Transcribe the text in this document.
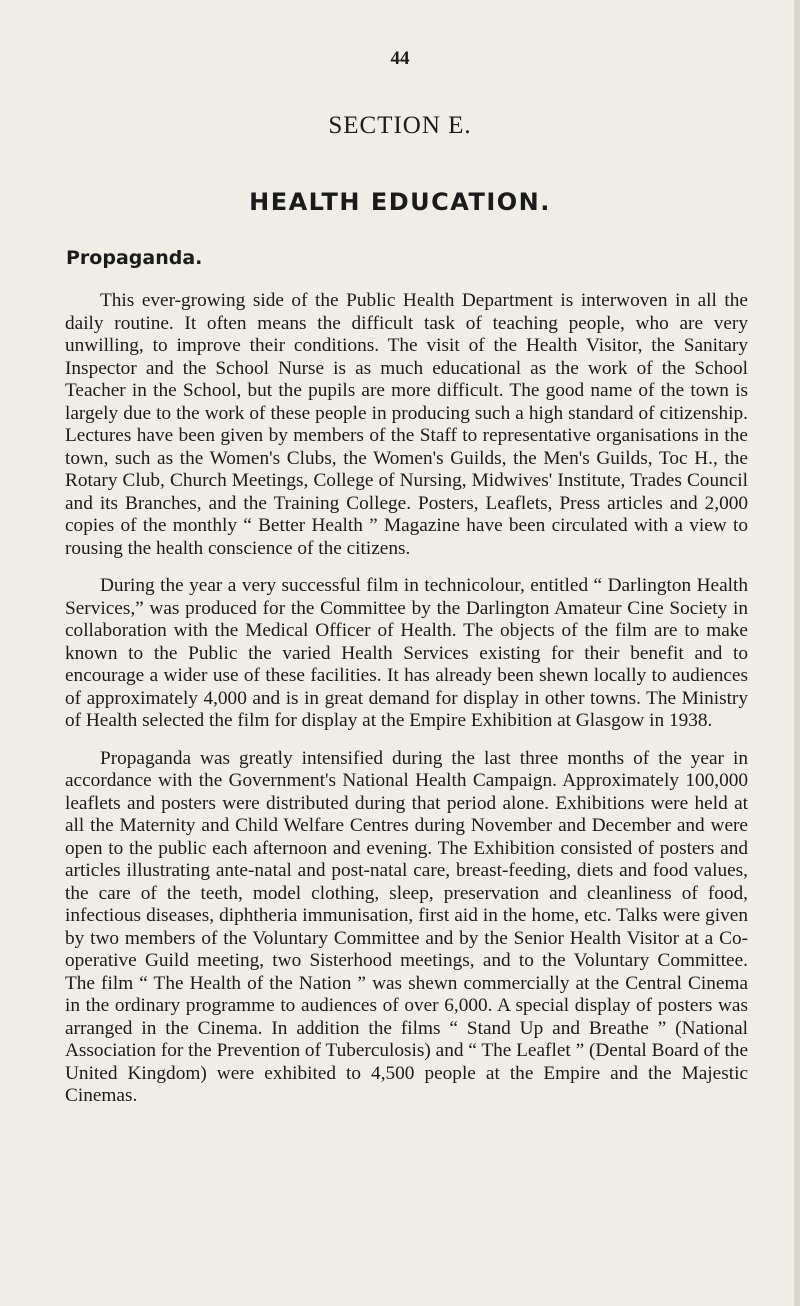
44
SECTION E.
HEALTH EDUCATION.
Propaganda.

This ever-growing side of the Public Health Department is interwoven in all the daily routine. It often means the difficult task of teaching people, who are very unwilling, to improve their conditions. The visit of the Health Visitor, the Sanitary Inspector and the School Nurse is as much educational as the work of the School Teacher in the School, but the pupils are more difficult. The good name of the town is largely due to the work of these people in producing such a high standard of citizenship. Lectures have been given by members of the Staff to representative organisations in the town, such as the Women's Clubs, the Women's Guilds, the Men's Guilds, Toc H., the Rotary Club, Church Meetings, College of Nursing, Midwives' Institute, Trades Council and its Branches, and the Training College. Posters, Leaflets, Press articles and 2,000 copies of the monthly “ Better Health ” Magazine have been circulated with a view to rousing the health conscience of the citizens.

During the year a very successful film in technicolour, entitled “ Darlington Health Services,” was produced for the Committee by the Darlington Amateur Cine Society in collaboration with the Medical Officer of Health. The objects of the film are to make known to the Public the varied Health Services existing for their benefit and to encourage a wider use of these facilities. It has already been shewn locally to audiences of approximately 4,000 and is in great demand for display in other towns. The Ministry of Health selected the film for display at the Empire Exhibition at Glasgow in 1938.

Propaganda was greatly intensified during the last three months of the year in accordance with the Government's National Health Campaign. Approximately 100,000 leaflets and posters were distributed during that period alone. Exhibitions were held at all the Maternity and Child Welfare Centres during November and December and were open to the public each afternoon and evening. The Exhibition consisted of posters and articles illustrating ante-natal and post-natal care, breast-feeding, diets and food values, the care of the teeth, model clothing, sleep, preservation and cleanliness of food, infectious diseases, diphtheria immunisation, first aid in the home, etc. Talks were given by two members of the Voluntary Committee and by the Senior Health Visitor at a Co-operative Guild meeting, two Sisterhood meetings, and to the Voluntary Committee. The film “ The Health of the Nation ” was shewn commercially at the Central Cinema in the ordinary programme to audiences of over 6,000. A special display of posters was arranged in the Cinema. In addition the films “ Stand Up and Breathe ” (National Association for the Prevention of Tuberculosis) and “ The Leaflet ” (Dental Board of the United Kingdom) were exhibited to 4,500 people at the Empire and the Majestic Cinemas.
